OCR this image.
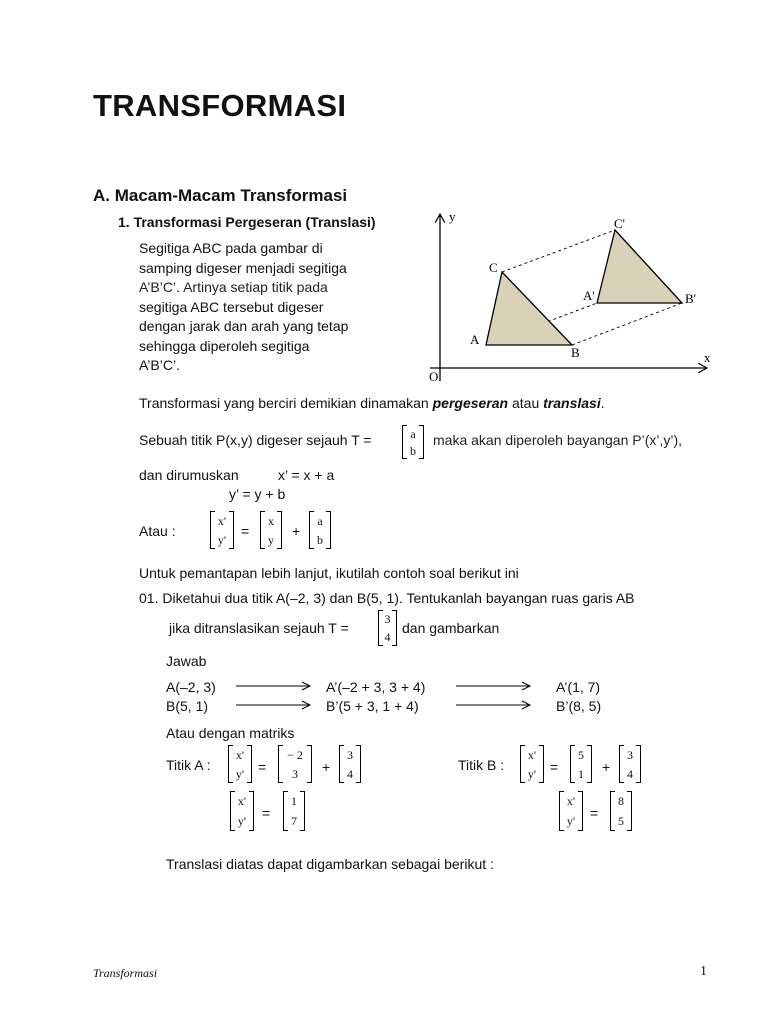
TRANSFORMASI
A. Macam-Macam Transformasi
1. Transformasi Pergeseran (Translasi)
Segitiga ABC pada gambar di
samping digeser menjadi segitiga
A’B’C’. Artinya setiap titik pada
segitiga ABC tersebut digeser
dengan jarak dan arah yang tetap
sehingga diperoleh segitiga
A’B’C’.
y
x
O
A
B
C
A'	B'
C'
Transformasi yang berciri demikian dinamakan pergeseran atau translasi.
Sebuah titik P(x,y) digeser sejauh T =	a
b
maka akan diperoleh bayangan P’(x’,y’),
dan dirumuskan	x’ = x + a
y’ = y + b
Atau :
x'
y'
=
x
y
+
a
b
Untuk pemantapan lebih lanjut, ikutilah contoh soal berikut ini
01. Diketahui dua titik A(–2, 3) dan B(5, 1). Tentukanlah bayangan ruas garis AB
jika ditranslasikan sejauh T =
3
4
dan gambarkan
Jawab
A(–2, 3)	A’(–2 + 3, 3 + 4)	A’(1, 7)
B(5, 1)	B’(5 + 3, 1 + 4)	B’(8, 5)
Atau dengan matriks
Titik A :
x'
y' =
− 2
3 +
3
4
x'
y' =
1
7
Titik B :
x'
y' =
5
1 +
3
4
x'
y' =
8
5
Translasi diatas dapat digambarkan sebagai berikut :
Transformasi	1
